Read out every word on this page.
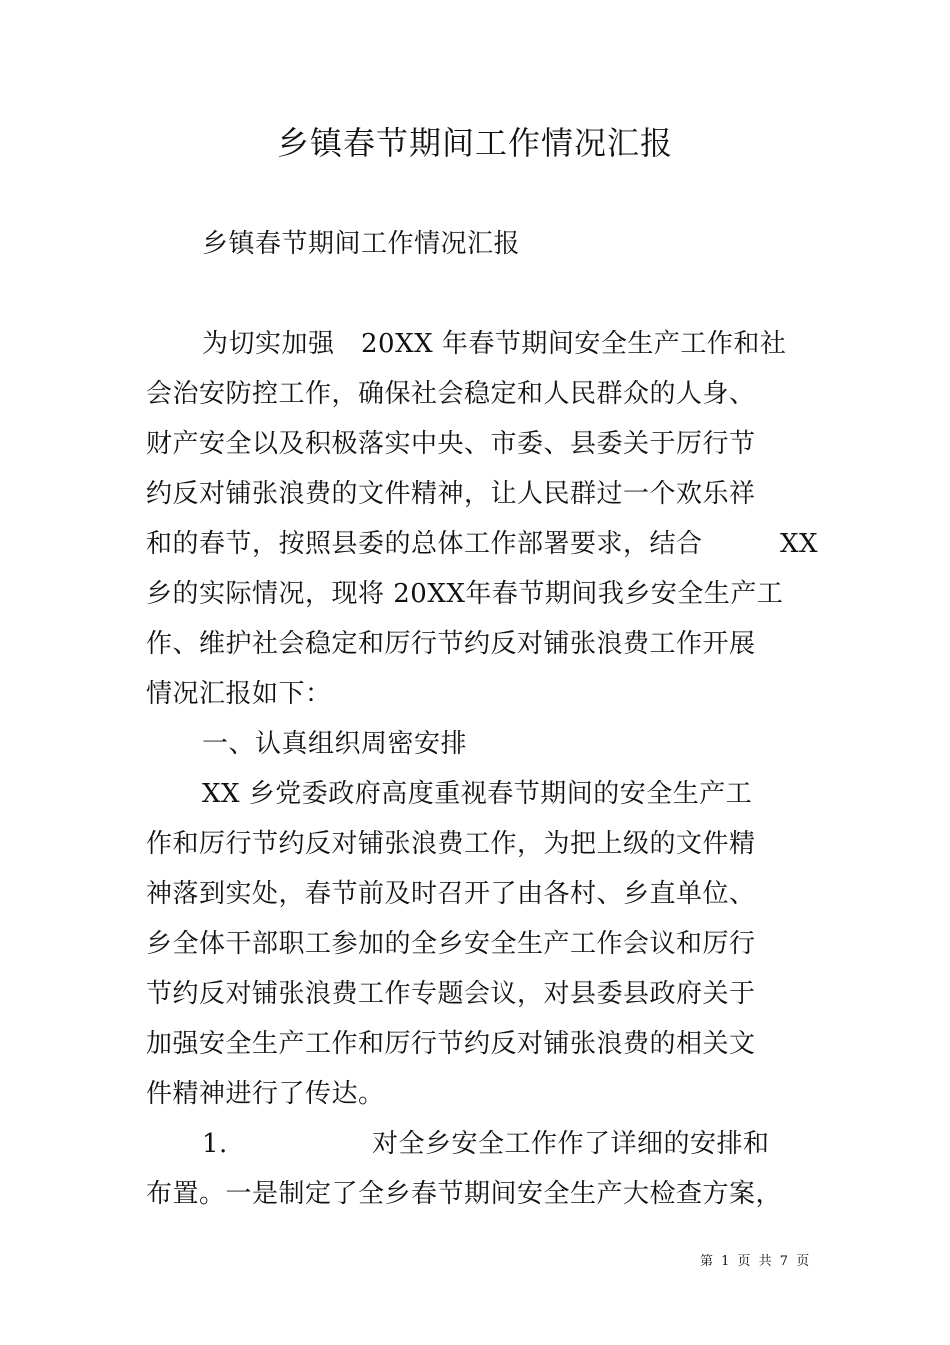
乡镇春节期间工作情况汇报
乡镇春节期间工作情况汇报
为切实加强　20XX 年春节期间安全生产工作和社
会治安防控工作，确保社会稳定和人民群众的人身、
财产安全以及积极落实中央、市委、县委关于厉行节
约反对铺张浪费的文件精神，让人民群过一个欢乐祥
和的春节，按照县委的总体工作部署要求，结合	XX
乡的实际情况，现将 20XX年春节期间我乡安全生产工
作、维护社会稳定和厉行节约反对铺张浪费工作开展
情况汇报如下：
一、认真组织周密安排
XX 乡党委政府高度重视春节期间的安全生产工
作和厉行节约反对铺张浪费工作，为把上级的文件精
神落到实处，春节前及时召开了由各村、乡直单位、
乡全体干部职工参加的全乡安全生产工作会议和厉行
节约反对铺张浪费工作专题会议，对县委县政府关于
加强安全生产工作和厉行节约反对铺张浪费的相关文
件精神进行了传达。
1.	对全乡安全工作作了详细的安排和
布置。一是制定了全乡春节期间安全生产大检查方案，
第 1 页 共 7 页
